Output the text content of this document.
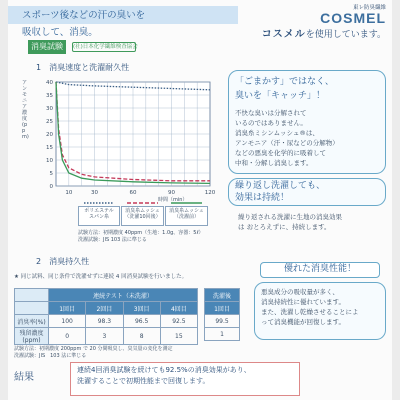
スポーツ後などの汗の臭いを
吸収して、消臭。
東レ防臭繊維
COSMEL
コスメルを使用しています。
消臭試験	(社)日本化学繊維検査協会
1　消臭速度と洗濯耐久性
アンモニア濃度(ppm)
0
5
10
15
20
25
30
35
40
10	30	60	90	120
時間（min）
ポリエステル
スパン糸
消臭糸ムッシュ
（洗濯10回後）
消臭糸ムッシュ
（洗濯前）
試験方法：初期濃度 40ppm（生地：1.0g、容器：5ℓ）
洗濯試験：JIS 103 法に準じる
「ごまかす」ではなく、
臭いを「キャッチ」！
不快な臭いは分解されて
いるのではありません。
消臭糸ミシンムッシュ®は、
アンモニア（汗・尿などの分解物）
などの悪臭を化学的に吸着して
中和・分解し消臭します。
繰り返し洗濯しても、
効果は持続！
繰り返される洗濯に生地の消臭効果
は おとろえずに、持続します。
2　消臭持久性
★ 同じ試料、同じ条件で洗濯せずに連続 4 回消臭試験を行いました。
	連続テスト（未洗濯）			
	1回目	2回目	3回目	4回目
消臭率(%)	100	98.3	96.5	92.5
残留濃度(ppm)	0	3	8	15
洗濯後
1回目
99.5
1
試験方法：初期濃度 200ppm で 20 分間吸臭し、臭気量の変化を測定
洗濯試験：JIS　103 法に準じる
優れた消臭性能！
悪臭成分の吸収量が多く、
消臭持続性に優れています。
また、洗濯し乾燥させることによ
って消臭機能が回復します。
結果
連続4回消臭試験を続けても92.5%の消臭効果があり、
洗濯することで初期性能まで回復します。
